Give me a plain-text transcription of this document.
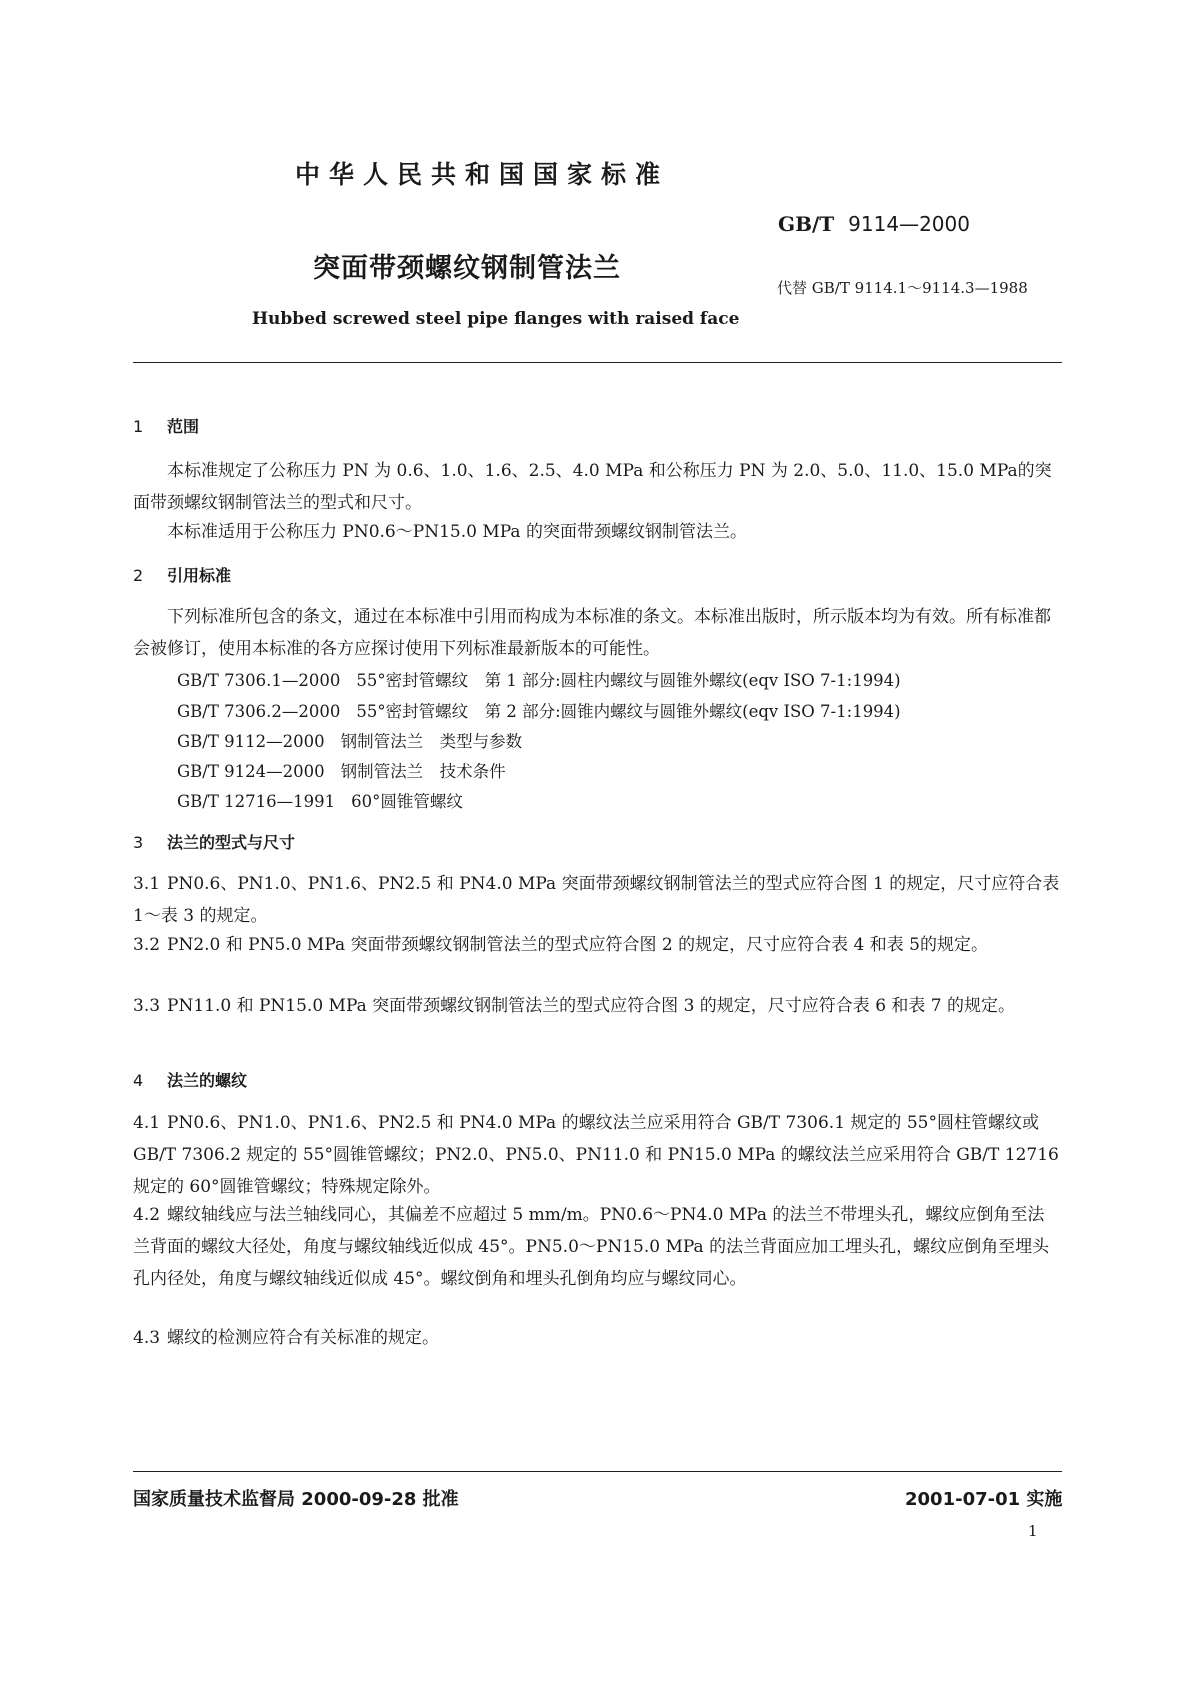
中华人民共和国国家标准
GB/T 9114—2000
突面带颈螺纹钢制管法兰
代替 GB/T 9114.1～9114.3—1988
Hubbed screwed steel pipe flanges with raised face
1 范围
本标准规定了公称压力 PN 为 0.6、1.0、1.6、2.5、4.0 MPa 和公称压力 PN 为 2.0、5.0、11.0、15.0 MPa的突面带颈螺纹钢制管法兰的型式和尺寸。
本标准适用于公称压力 PN0.6～PN15.0 MPa 的突面带颈螺纹钢制管法兰。
2 引用标准
下列标准所包含的条文，通过在本标准中引用而构成为本标准的条文。本标准出版时，所示版本均为有效。所有标准都会被修订，使用本标准的各方应探讨使用下列标准最新版本的可能性。
GB/T 7306.1—2000 55°密封管螺纹　第 1 部分:圆柱内螺纹与圆锥外螺纹(eqv ISO 7-1:1994)
GB/T 7306.2—2000 55°密封管螺纹　第 2 部分:圆锥内螺纹与圆锥外螺纹(eqv ISO 7-1:1994)
GB/T 9112—2000 钢制管法兰　类型与参数
GB/T 9124—2000 钢制管法兰　技术条件
GB/T 12716—1991 60°圆锥管螺纹
3 法兰的型式与尺寸
3.1 PN0.6、PN1.0、PN1.6、PN2.5 和 PN4.0 MPa 突面带颈螺纹钢制管法兰的型式应符合图 1 的规定，尺寸应符合表 1～表 3 的规定。
3.2 PN2.0 和 PN5.0 MPa 突面带颈螺纹钢制管法兰的型式应符合图 2 的规定，尺寸应符合表 4 和表 5的规定。
3.3 PN11.0 和 PN15.0 MPa 突面带颈螺纹钢制管法兰的型式应符合图 3 的规定，尺寸应符合表 6 和表 7 的规定。
4 法兰的螺纹
4.1 PN0.6、PN1.0、PN1.6、PN2.5 和 PN4.0 MPa 的螺纹法兰应采用符合 GB/T 7306.1 规定的 55°圆柱管螺纹或 GB/T 7306.2 规定的 55°圆锥管螺纹；PN2.0、PN5.0、PN11.0 和 PN15.0 MPa 的螺纹法兰应采用符合 GB/T 12716 规定的 60°圆锥管螺纹；特殊规定除外。
4.2 螺纹轴线应与法兰轴线同心，其偏差不应超过 5 mm/m。PN0.6～PN4.0 MPa 的法兰不带埋头孔，螺纹应倒角至法兰背面的螺纹大径处，角度与螺纹轴线近似成 45°。PN5.0～PN15.0 MPa 的法兰背面应加工埋头孔，螺纹应倒角至埋头孔内径处，角度与螺纹轴线近似成 45°。螺纹倒角和埋头孔倒角均应与螺纹同心。
4.3 螺纹的检测应符合有关标准的规定。
国家质量技术监督局 2000-09-28 批准	2001-07-01 实施
1
